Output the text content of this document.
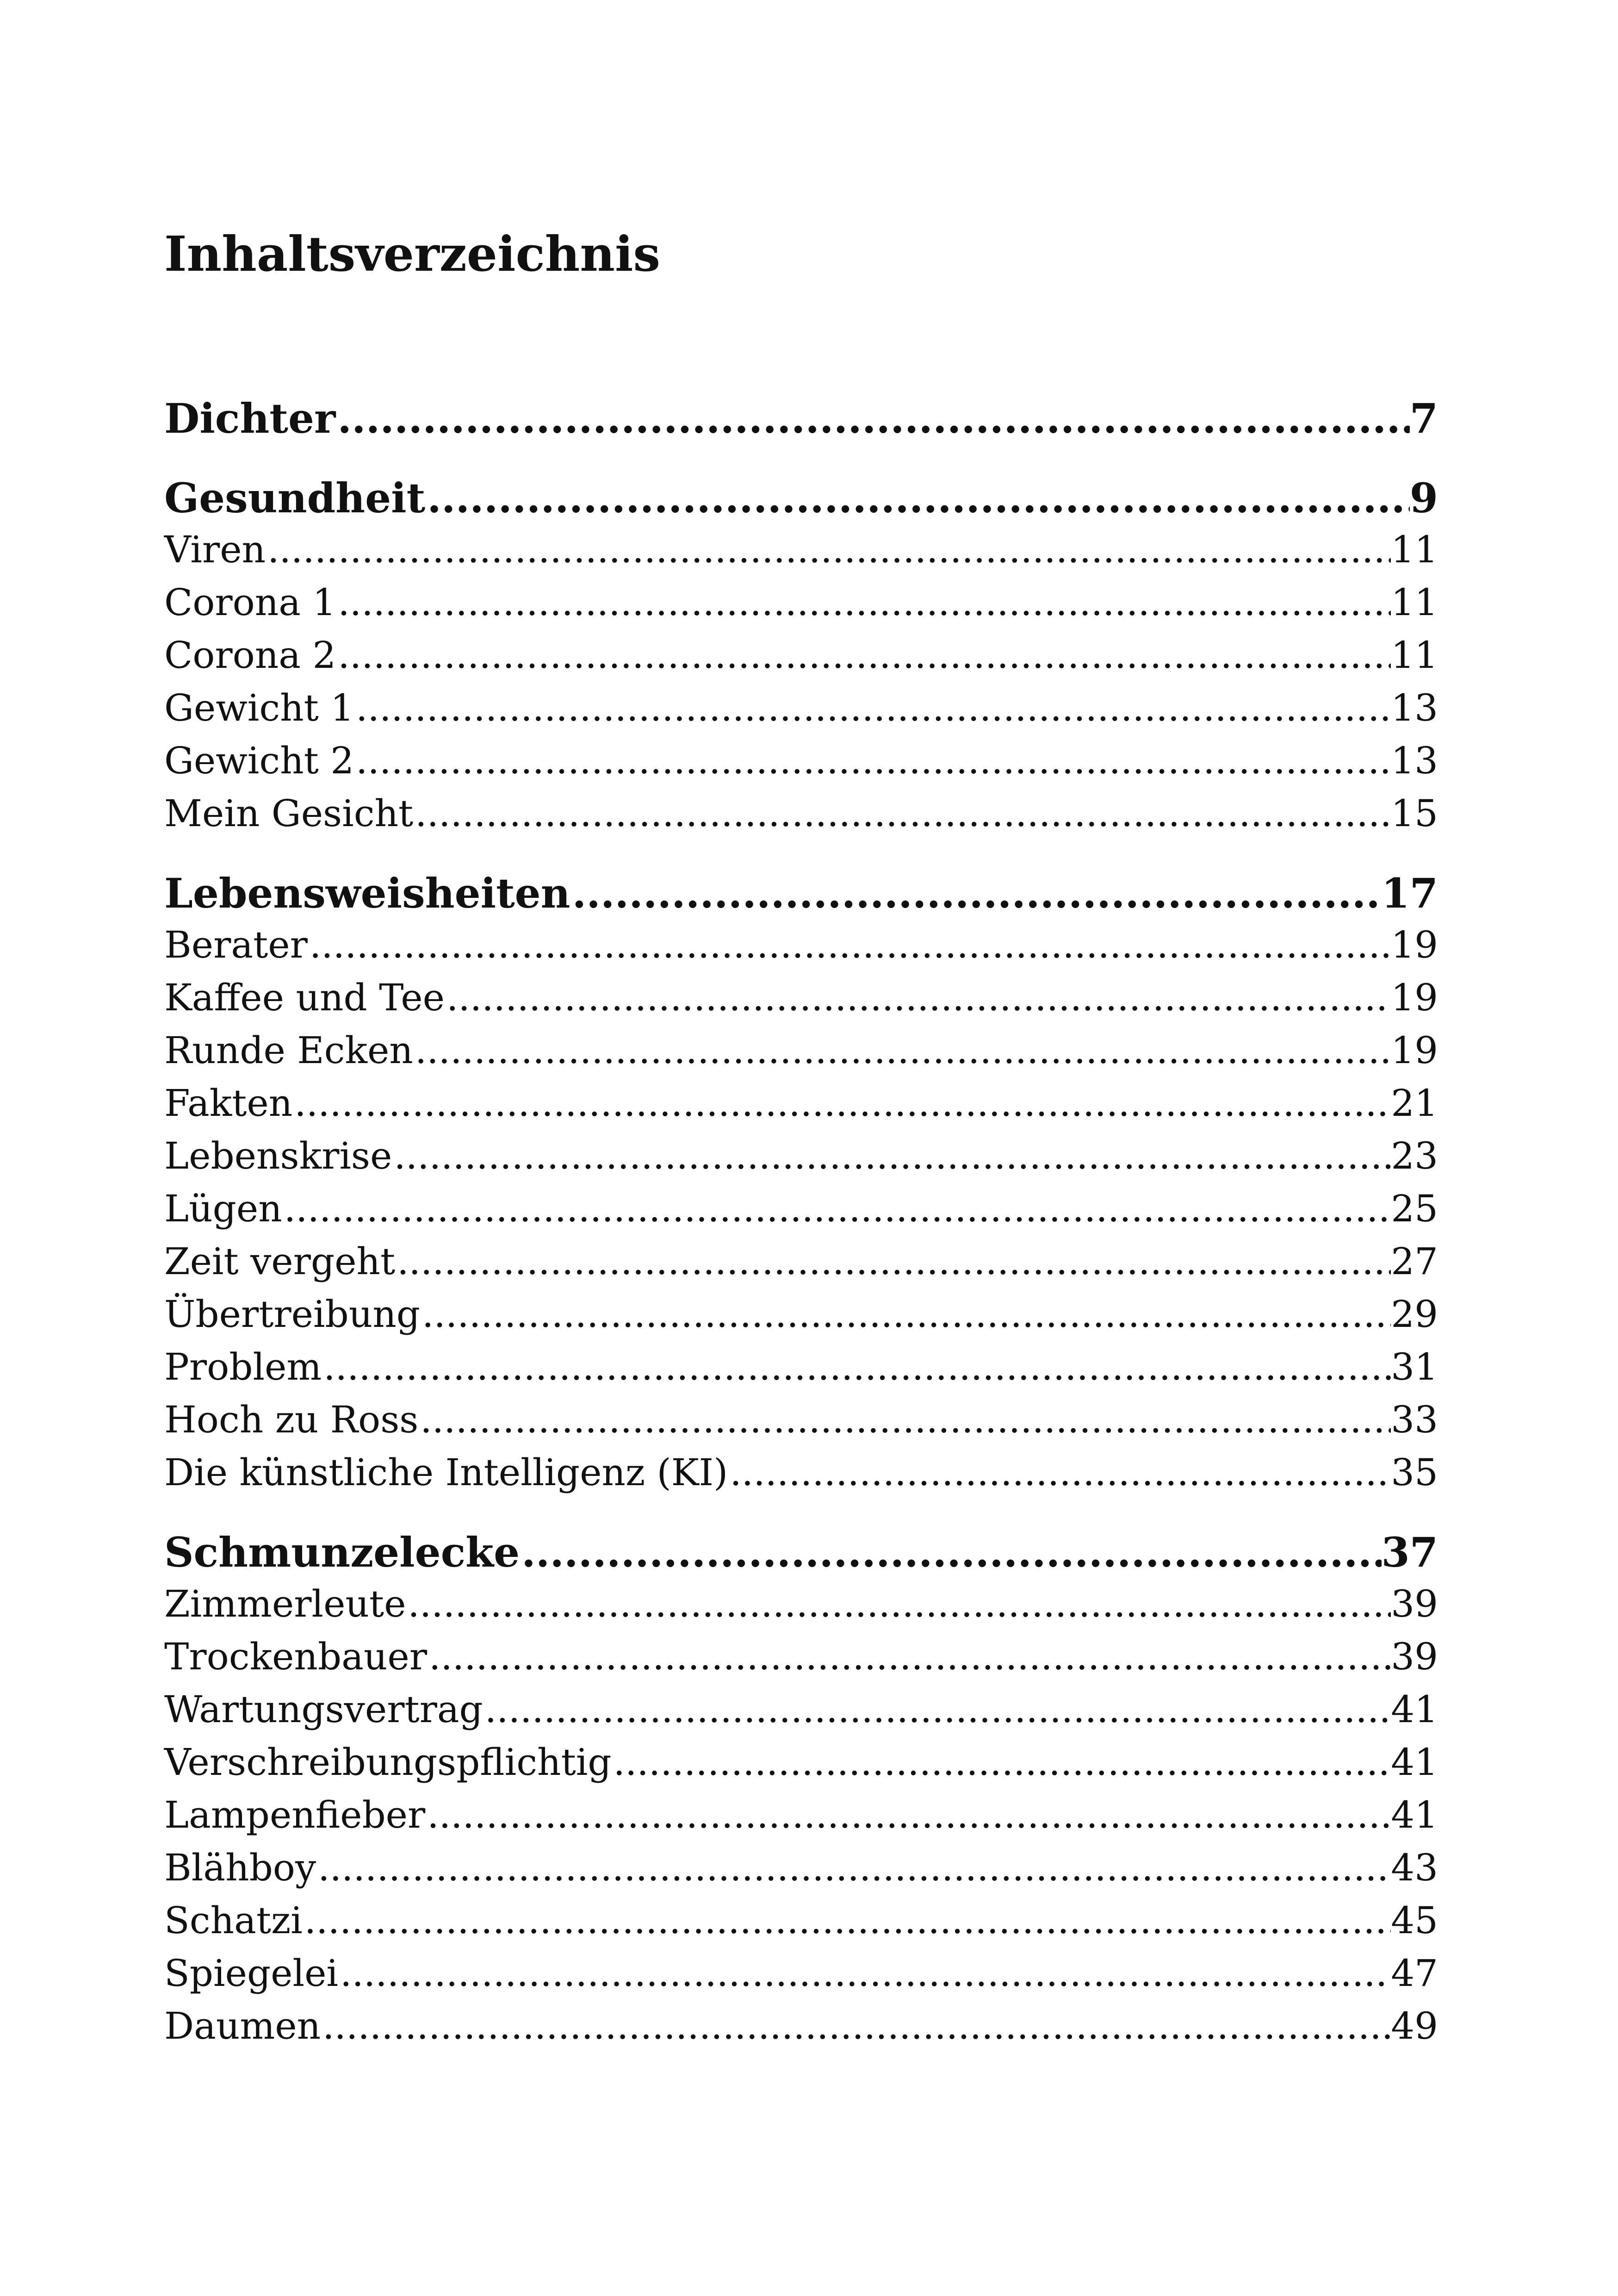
Inhaltsverzeichnis
Dichter .....	7
Gesundheit .....	9
Viren .....	11
Corona 1 .....	11
Corona 2 .....	11
Gewicht 1 .....	13
Gewicht 2 .....	13
Mein Gesicht .....	15
Lebensweisheiten .....	17
Berater .....	19
Kaffee und Tee .....	19
Runde Ecken .....	19
Fakten .....	21
Lebenskrise .....	23
Lügen .....	25
Zeit vergeht .....	27
Übertreibung .....	29
Problem .....	31
Hoch zu Ross .....	33
Die künstliche Intelligenz (KI) .....	35
Schmunzelecke .....	37
Zimmerleute .....	39
Trockenbauer .....	39
Wartungsvertrag .....	41
Verschreibungspflichtig .....	41
Lampenfieber .....	41
Blähboy .....	43
Schatzi .....	45
Spiegelei .....	47
Daumen .....	49
